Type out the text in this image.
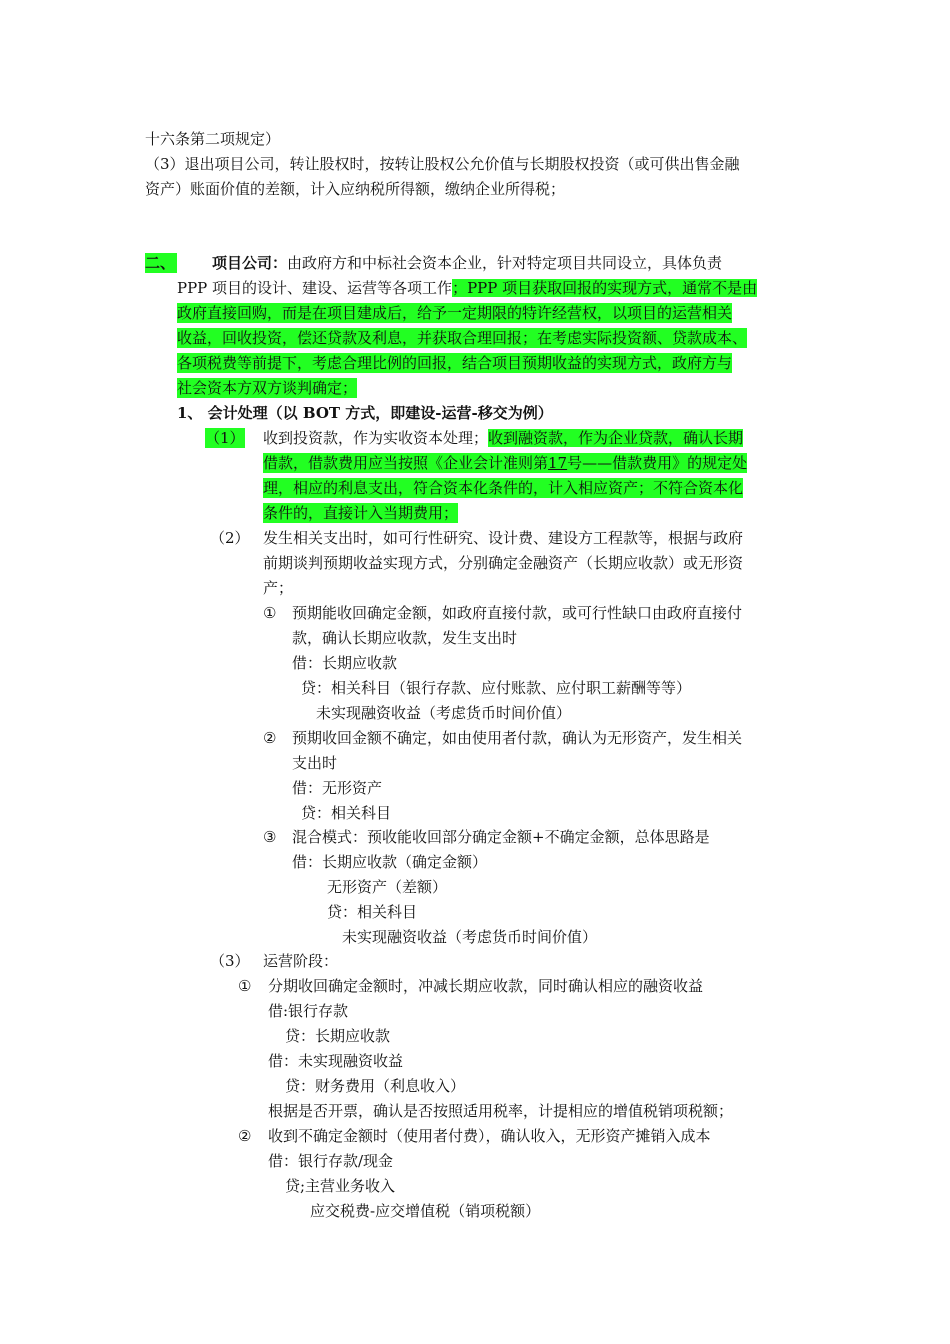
十六条第二项规定）
（3）退出项目公司，转让股权时，按转让股权公允价值与长期股权投资（或可供出售金融
资产）账面价值的差额，计入应纳税所得额，缴纳企业所得税；
二、 项目公司：由政府方和中标社会资本企业，针对特定项目共同设立，具体负责
PPP 项目的设计、建设、运营等各项工作；PPP 项目获取回报的实现方式，通常不是由
政府直接回购，而是在项目建成后，给予一定期限的特许经营权，以项目的运营相关
收益，回收投资，偿还贷款及利息，并获取合理回报；在考虑实际投资额、贷款成本、
各项税费等前提下，考虑合理比例的回报，结合项目预期收益的实现方式，政府方与
社会资本方双方谈判确定；
1、 会计处理（以 BOT 方式，即建设-运营-移交为例）
（1） 收到投资款，作为实收资本处理；收到融资款，作为企业贷款，确认长期
借款，借款费用应当按照《企业会计准则第17号——借款费用》的规定处
理，相应的利息支出，符合资本化条件的，计入相应资产；不符合资本化
条件的，直接计入当期费用；
（2） 发生相关支出时，如可行性研究、设计费、建设方工程款等，根据与政府
前期谈判预期收益实现方式，分别确定金融资产（长期应收款）或无形资
产；
① 预期能收回确定金额，如政府直接付款，或可行性缺口由政府直接付
款，确认长期应收款，发生支出时
借：长期应收款
贷：相关科目（银行存款、应付账款、应付职工薪酬等等）
未实现融资收益（考虑货币时间价值）
② 预期收回金额不确定，如由使用者付款，确认为无形资产，发生相关
支出时
借：无形资产
贷：相关科目
③ 混合模式：预收能收回部分确定金额+不确定金额，总体思路是
借：长期应收款（确定金额）
无形资产（差额）
贷：相关科目
未实现融资收益（考虑货币时间价值）
（3） 运营阶段：
① 分期收回确定金额时，冲减长期应收款，同时确认相应的融资收益
借:银行存款
贷：长期应收款
借：未实现融资收益
贷：财务费用（利息收入）
根据是否开票，确认是否按照适用税率，计提相应的增值税销项税额；
② 收到不确定金额时（使用者付费），确认收入，无形资产摊销入成本
借：银行存款/现金
贷;主营业务收入
应交税费-应交增值税（销项税额）
